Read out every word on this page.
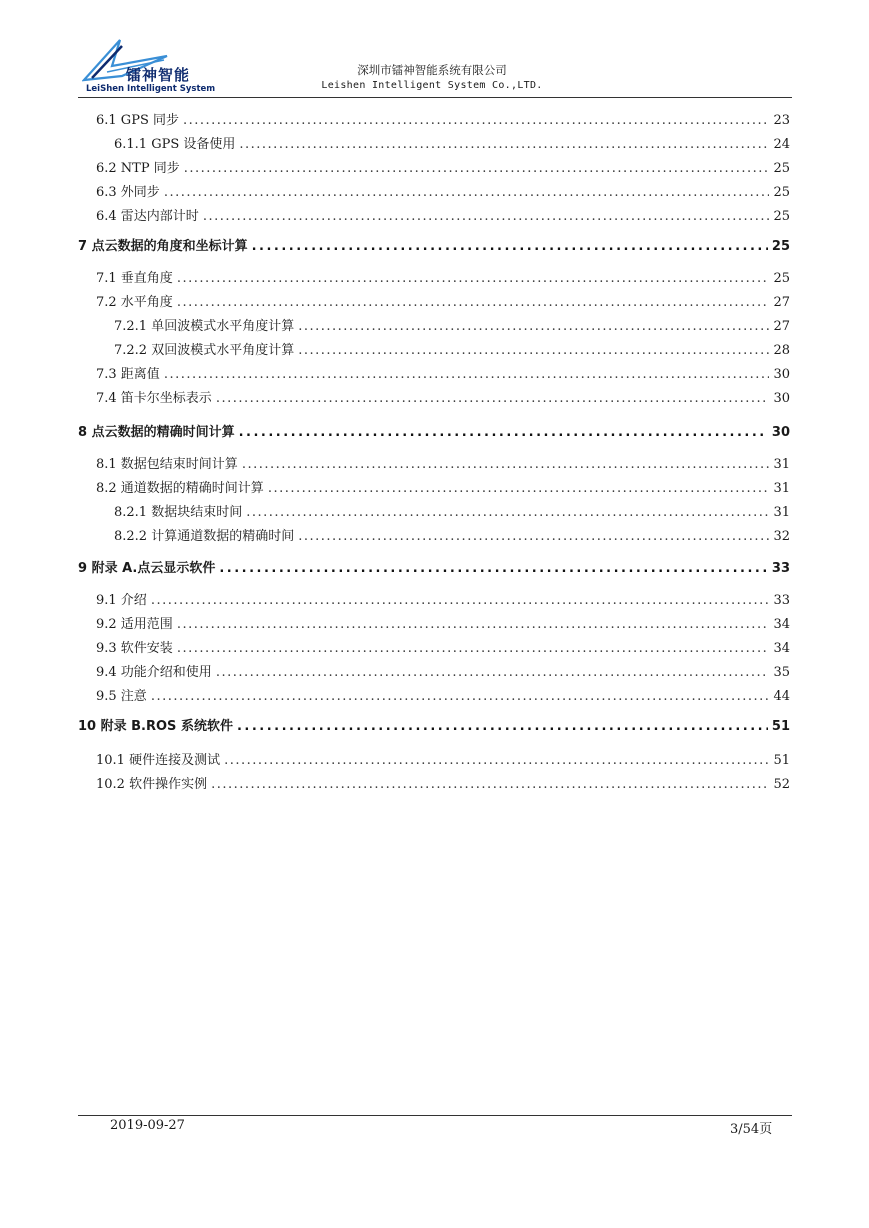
镭神智能
LeiShen Intelligent System
深圳市镭神智能系统有限公司
Leishen Intelligent System Co.,LTD.
6.1 GPS 同步 .....	23
6.1.1 GPS 设备使用 .....	24
6.2 NTP 同步 .....	25
6.3 外同步 .....	25
6.4 雷达内部计时 .....	25
7 点云数据的角度和坐标计算 .....	25
7.1 垂直角度 .....	25
7.2 水平角度 .....	27
7.2.1 单回波模式水平角度计算 .....	27
7.2.2 双回波模式水平角度计算 .....	28
7.3 距离值 .....	30
7.4 笛卡尔坐标表示 .....	30
8 点云数据的精确时间计算 .....	30
8.1 数据包结束时间计算 .....	31
8.2 通道数据的精确时间计算 .....	31
8.2.1 数据块结束时间 .....	31
8.2.2 计算通道数据的精确时间 .....	32
9 附录 A.点云显示软件 .....	33
9.1 介绍 .....	33
9.2 适用范围 .....	34
9.3 软件安装 .....	34
9.4 功能介绍和使用 .....	35
9.5 注意 .....	44
10 附录 B.ROS 系统软件 .....	51
10.1 硬件连接及测试 .....	51
10.2 软件操作实例 .....	52
2019-09-27	3/54页
